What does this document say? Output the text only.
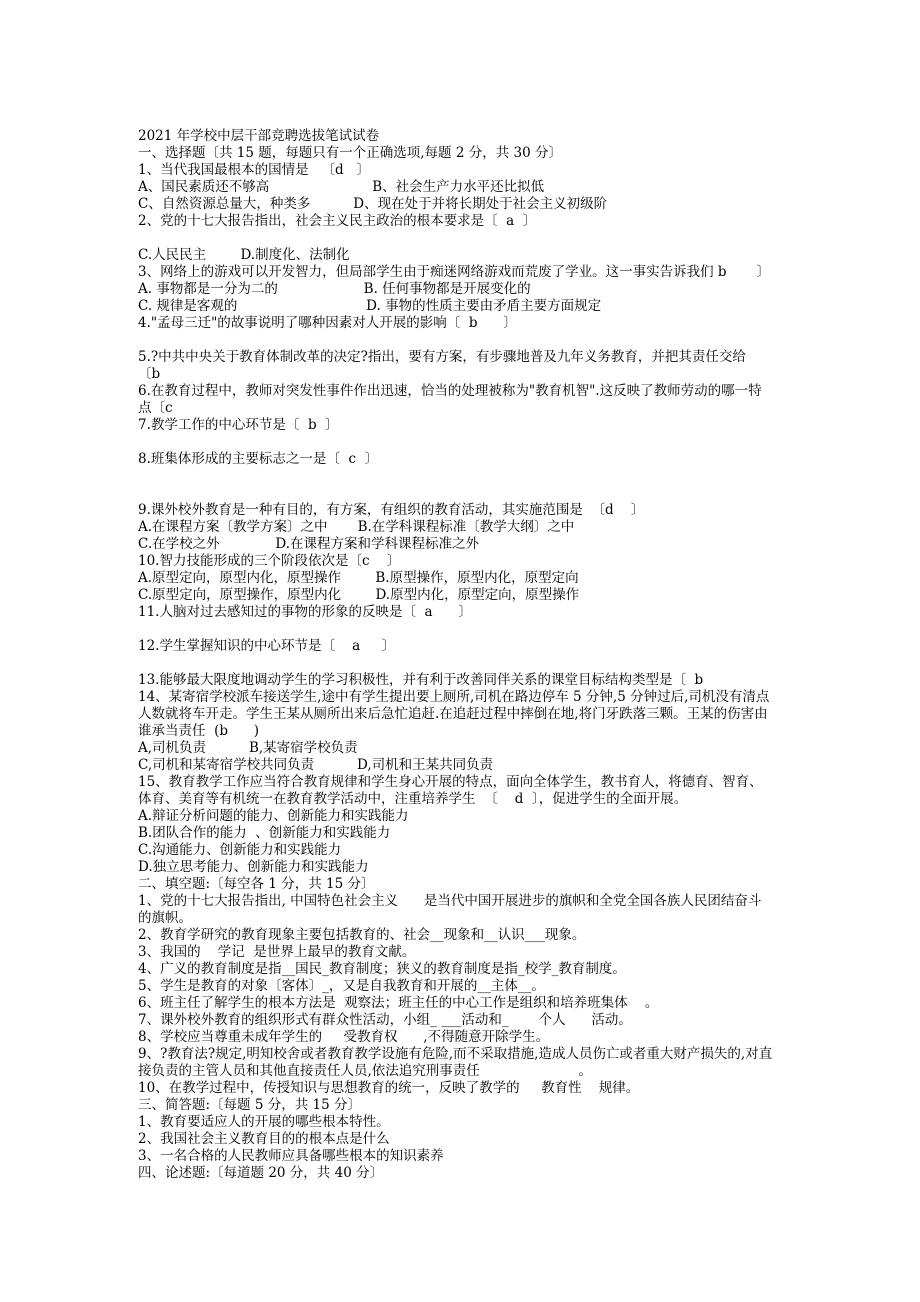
2021 年学校中层干部竞聘选拔笔试试卷
一、选择题〔共 15 题，每题只有一个正确选项,每题 2 分，共 30 分〕
1、当代我国最根本的国情是   〔d   〕
A、国民素质还不够高                        B、社会生产力水平还比拟低
C、自然资源总量大，种类多          D、现在处于并将长期处于社会主义初级阶
2、党的十七大报告指出，社会主义民主政治的根本要求是〔  a  〕
C.人民民主        D.制度化、法制化
3、网络上的游戏可以开发智力，但局部学生由于痴迷网络游戏而荒废了学业。这一事实告诉我们 b       〕
A. 事物都是一分为二的                    B. 任何事物都是开展变化的
C. 规律是客观的                              D. 事物的性质主要由矛盾主要方面规定
4."孟母三迁"的故事说明了哪种因素对人开展的影响〔  b      〕
5.?中共中央关于教育体制改革的决定?指出，要有方案，有步骤地普及九年义务教育，并把其责任交给
〔b
6.在教育过程中，教师对突发性事件作出迅速，恰当的处理被称为"教育机智".这反映了教师劳动的哪一特
点〔c
7.教学工作的中心环节是〔  b  〕
8.班集体形成的主要标志之一是〔  c  〕
9.课外校外教育是一种有目的，有方案，有组织的教育活动，其实施范围是  〔d    〕
A.在课程方案〔教学方案〕之中       B.在学科课程标准〔教学大纲〕之中
C.在学校之外             D.在课程方案和学科课程标准之外
10.智力技能形成的三个阶段依次是〔c    〕
A.原型定向，原型内化，原型操作        B.原型操作，原型内化，原型定向
C.原型定向，原型操作，原型内化        D.原型内化，原型定向，原型操作
11.人脑对过去感知过的事物的形象的反映是〔  a      〕
12.学生掌握知识的中心环节是〔    a     〕
13.能够最大限度地调动学生的学习积极性，并有利于改善同伴关系的课堂目标结构类型是〔  b
14、某寄宿学校派车接送学生,途中有学生提出要上厕所,司机在路边停车 5 分钟,5 分钟过后,司机没有清点
人数就将车开走。学生王某从厕所出来后急忙追赶.在追赶过程中摔倒在地,将门牙跌落三颗。王某的伤害由
谁承当责任  (b      )
A,司机负责          B,某寄宿学校负责
C,司机和某寄宿学校共同负责          D,司机和王某共同负责
15、教育教学工作应当符合教育规律和学生身心开展的特点，面向全体学生，教书育人，将德育、智育、
体育、美育等有机统一在教育教学活动中，注重培养学生  〔    d  〕，促进学生的全面开展。
A.辩证分析问题的能力、创新能力和实践能力
B.团队合作的能力  、创新能力和实践能力
C.沟通能力、创新能力和实践能力
D.独立思考能力、创新能力和实践能力
二、填空题:〔每空各 1 分，共 15 分〕
1、党的十七大报告指出, 中国特色社会主义      是当代中国开展进步的旗帜和全党全国各族人民团结奋斗
的旗帜。
2、教育学研究的教育现象主要包括教育的、社会__现象和__认识___现象。
3、我国的    学记  是世界上最早的教育文献。
4、广义的教育制度是指__国民_教育制度；狭义的教育制度是指_校学_教育制度。
5、学生是教育的对象〔客体〕_，又是自我教育和开展的__主体__。
6、班主任了解学生的根本方法是  观察法；班主任的中心工作是组织和培养班集体    。
7、课外校外教育的组织形式有群众性活动，小组_ ___活动和_       个人      活动。
8、学校应当尊重未成年学生的     受教育权      ,不得随意开除学生。
9、?教育法?规定,明知校舍或者教育教学设施有危险,而不采取措施,造成人员伤亡或者重大财产损失的,对直
接负责的主管人员和其他直接责任人员,依法追究刑事责任                       。
10、在教学过程中，传授知识与思想教育的统一，反映了教学的     教育性    规律。
三、简答题:〔每题 5 分，共 15 分〕
1、教育要适应人的开展的哪些根本特性。
2、我国社会主义教育目的的根本点是什么
3、一名合格的人民教师应具备哪些根本的知识素养
四、论述题:〔每道题 20 分，共 40 分〕
